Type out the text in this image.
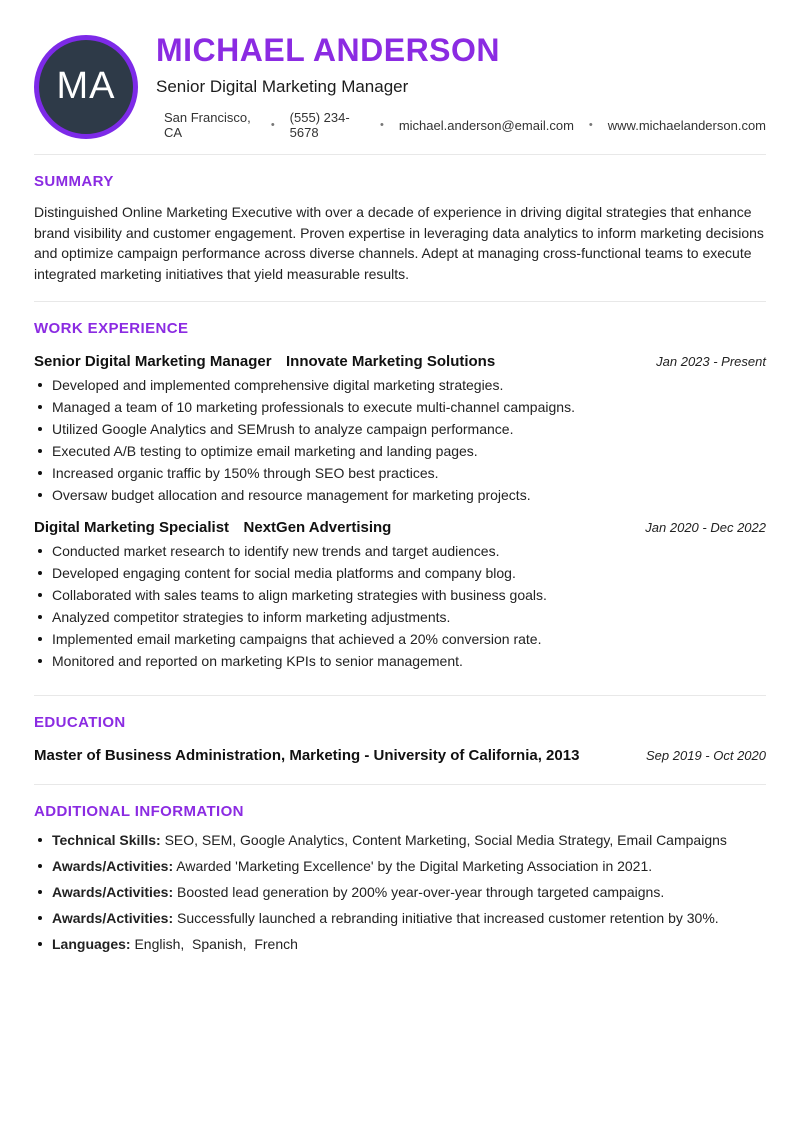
MA
MICHAEL ANDERSON
Senior Digital Marketing Manager
San Francisco, CA	• (555) 234-5678	• michael.anderson@email.com • www.michaelanderson.com
SUMMARY

Distinguished Online Marketing Executive with over a decade of experience in driving digital strategies that enhance brand visibility and customer engagement. Proven expertise in leveraging data analytics to inform marketing decisions and optimize campaign performance across diverse channels. Adept at managing cross-functional teams to execute integrated marketing initiatives that yield measurable results.

WORK EXPERIENCE
Senior Digital Marketing Manager Innovate Marketing Solutions	Jan 2023 - Present
Developed and implemented comprehensive digital marketing strategies.
Managed a team of 10 marketing professionals to execute multi-channel campaigns.
Utilized Google Analytics and SEMrush to analyze campaign performance.
Executed A/B testing to optimize email marketing and landing pages.
Increased organic traffic by 150% through SEO best practices.
Oversaw budget allocation and resource management for marketing projects.
Digital Marketing Specialist NextGen Advertising	Jan 2020 - Dec 2022
Conducted market research to identify new trends and target audiences.
Developed engaging content for social media platforms and company blog.
Collaborated with sales teams to align marketing strategies with business goals.
Analyzed competitor strategies to inform marketing adjustments.
Implemented email marketing campaigns that achieved a 20% conversion rate.
Monitored and reported on marketing KPIs to senior management.
EDUCATION
Master of Business Administration, Marketing - University of California, 2013	Sep 2019 - Oct 2020
ADDITIONAL INFORMATION
Technical Skills: SEO, SEM, Google Analytics, Content Marketing, Social Media Strategy, Email Campaigns
Awards/Activities: Awarded 'Marketing Excellence' by the Digital Marketing Association in 2021.
Awards/Activities: Boosted lead generation by 200% year-over-year through targeted campaigns.
Awards/Activities: Successfully launched a rebranding initiative that increased customer retention by 30%.
Languages: English,  Spanish,  French
